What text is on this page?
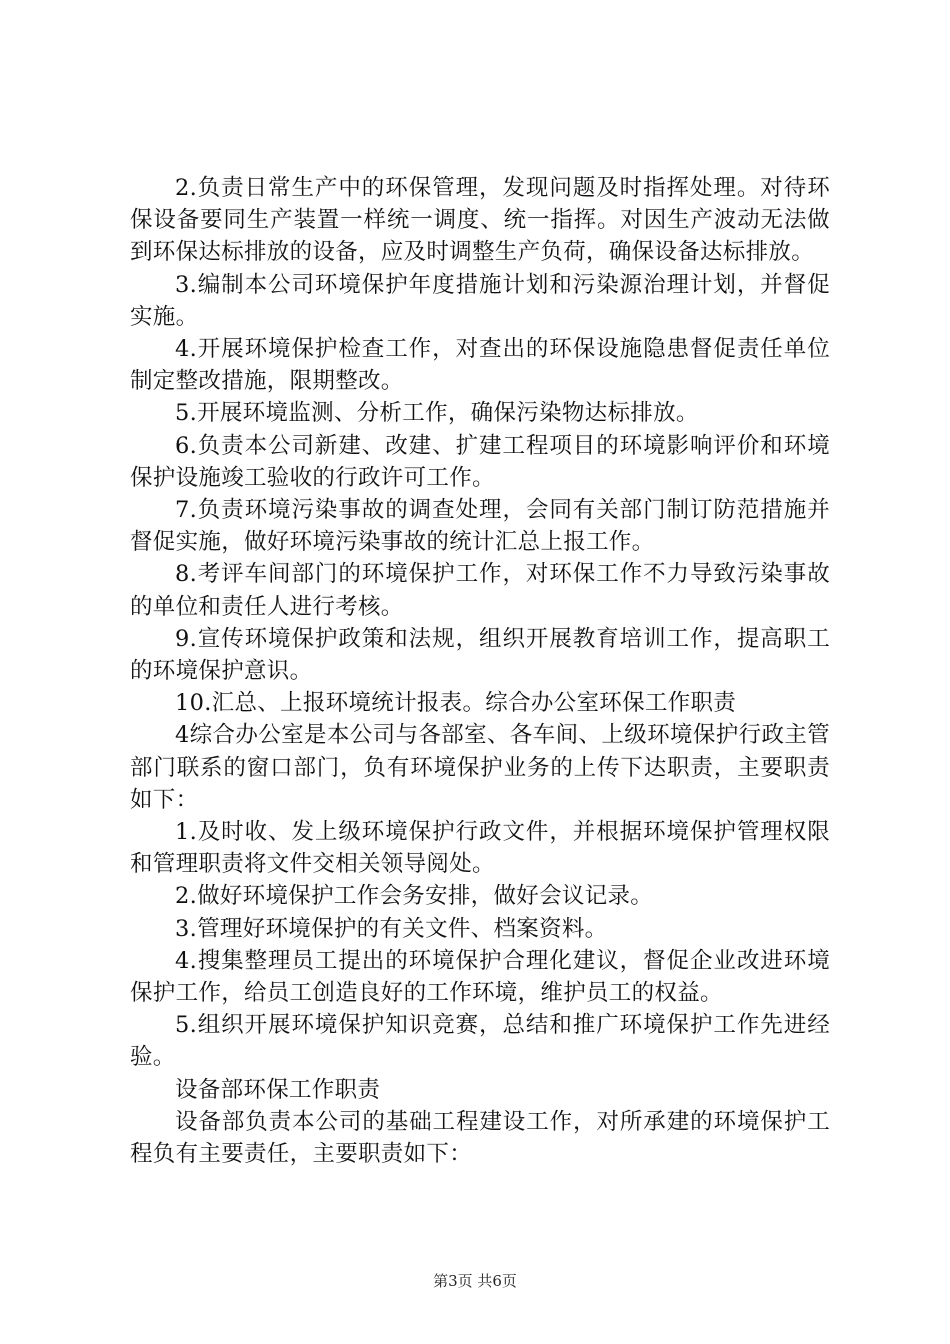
2.负责日常生产中的环保管理，发现问题及时指挥处理。对待环保设备要同生产装置一样统一调度、统一指挥。对因生产波动无法做到环保达标排放的设备，应及时调整生产负荷，确保设备达标排放。

3.编制本公司环境保护年度措施计划和污染源治理计划，并督促实施。

4.开展环境保护检查工作，对查出的环保设施隐患督促责任单位制定整改措施，限期整改。

5.开展环境监测、分析工作，确保污染物达标排放。

6.负责本公司新建、改建、扩建工程项目的环境影响评价和环境保护设施竣工验收的行政许可工作。

7.负责环境污染事故的调查处理，会同有关部门制订防范措施并督促实施，做好环境污染事故的统计汇总上报工作。

8.考评车间部门的环境保护工作，对环保工作不力导致污染事故的单位和责任人进行考核。

9.宣传环境保护政策和法规，组织开展教育培训工作，提高职工的环境保护意识。

10.汇总、上报环境统计报表。综合办公室环保工作职责

4综合办公室是本公司与各部室、各车间、上级环境保护行政主管部门联系的窗口部门，负有环境保护业务的上传下达职责，主要职责如下：

1.及时收、发上级环境保护行政文件，并根据环境保护管理权限和管理职责将文件交相关领导阅处。

2.做好环境保护工作会务安排，做好会议记录。

3.管理好环境保护的有关文件、档案资料。

4.搜集整理员工提出的环境保护合理化建议，督促企业改进环境保护工作，给员工创造良好的工作环境，维护员工的权益。

5.组织开展环境保护知识竞赛，总结和推广环境保护工作先进经验。

设备部环保工作职责

设备部负责本公司的基础工程建设工作，对所承建的环境保护工程负有主要责任，主要职责如下：

第3页 共6页
